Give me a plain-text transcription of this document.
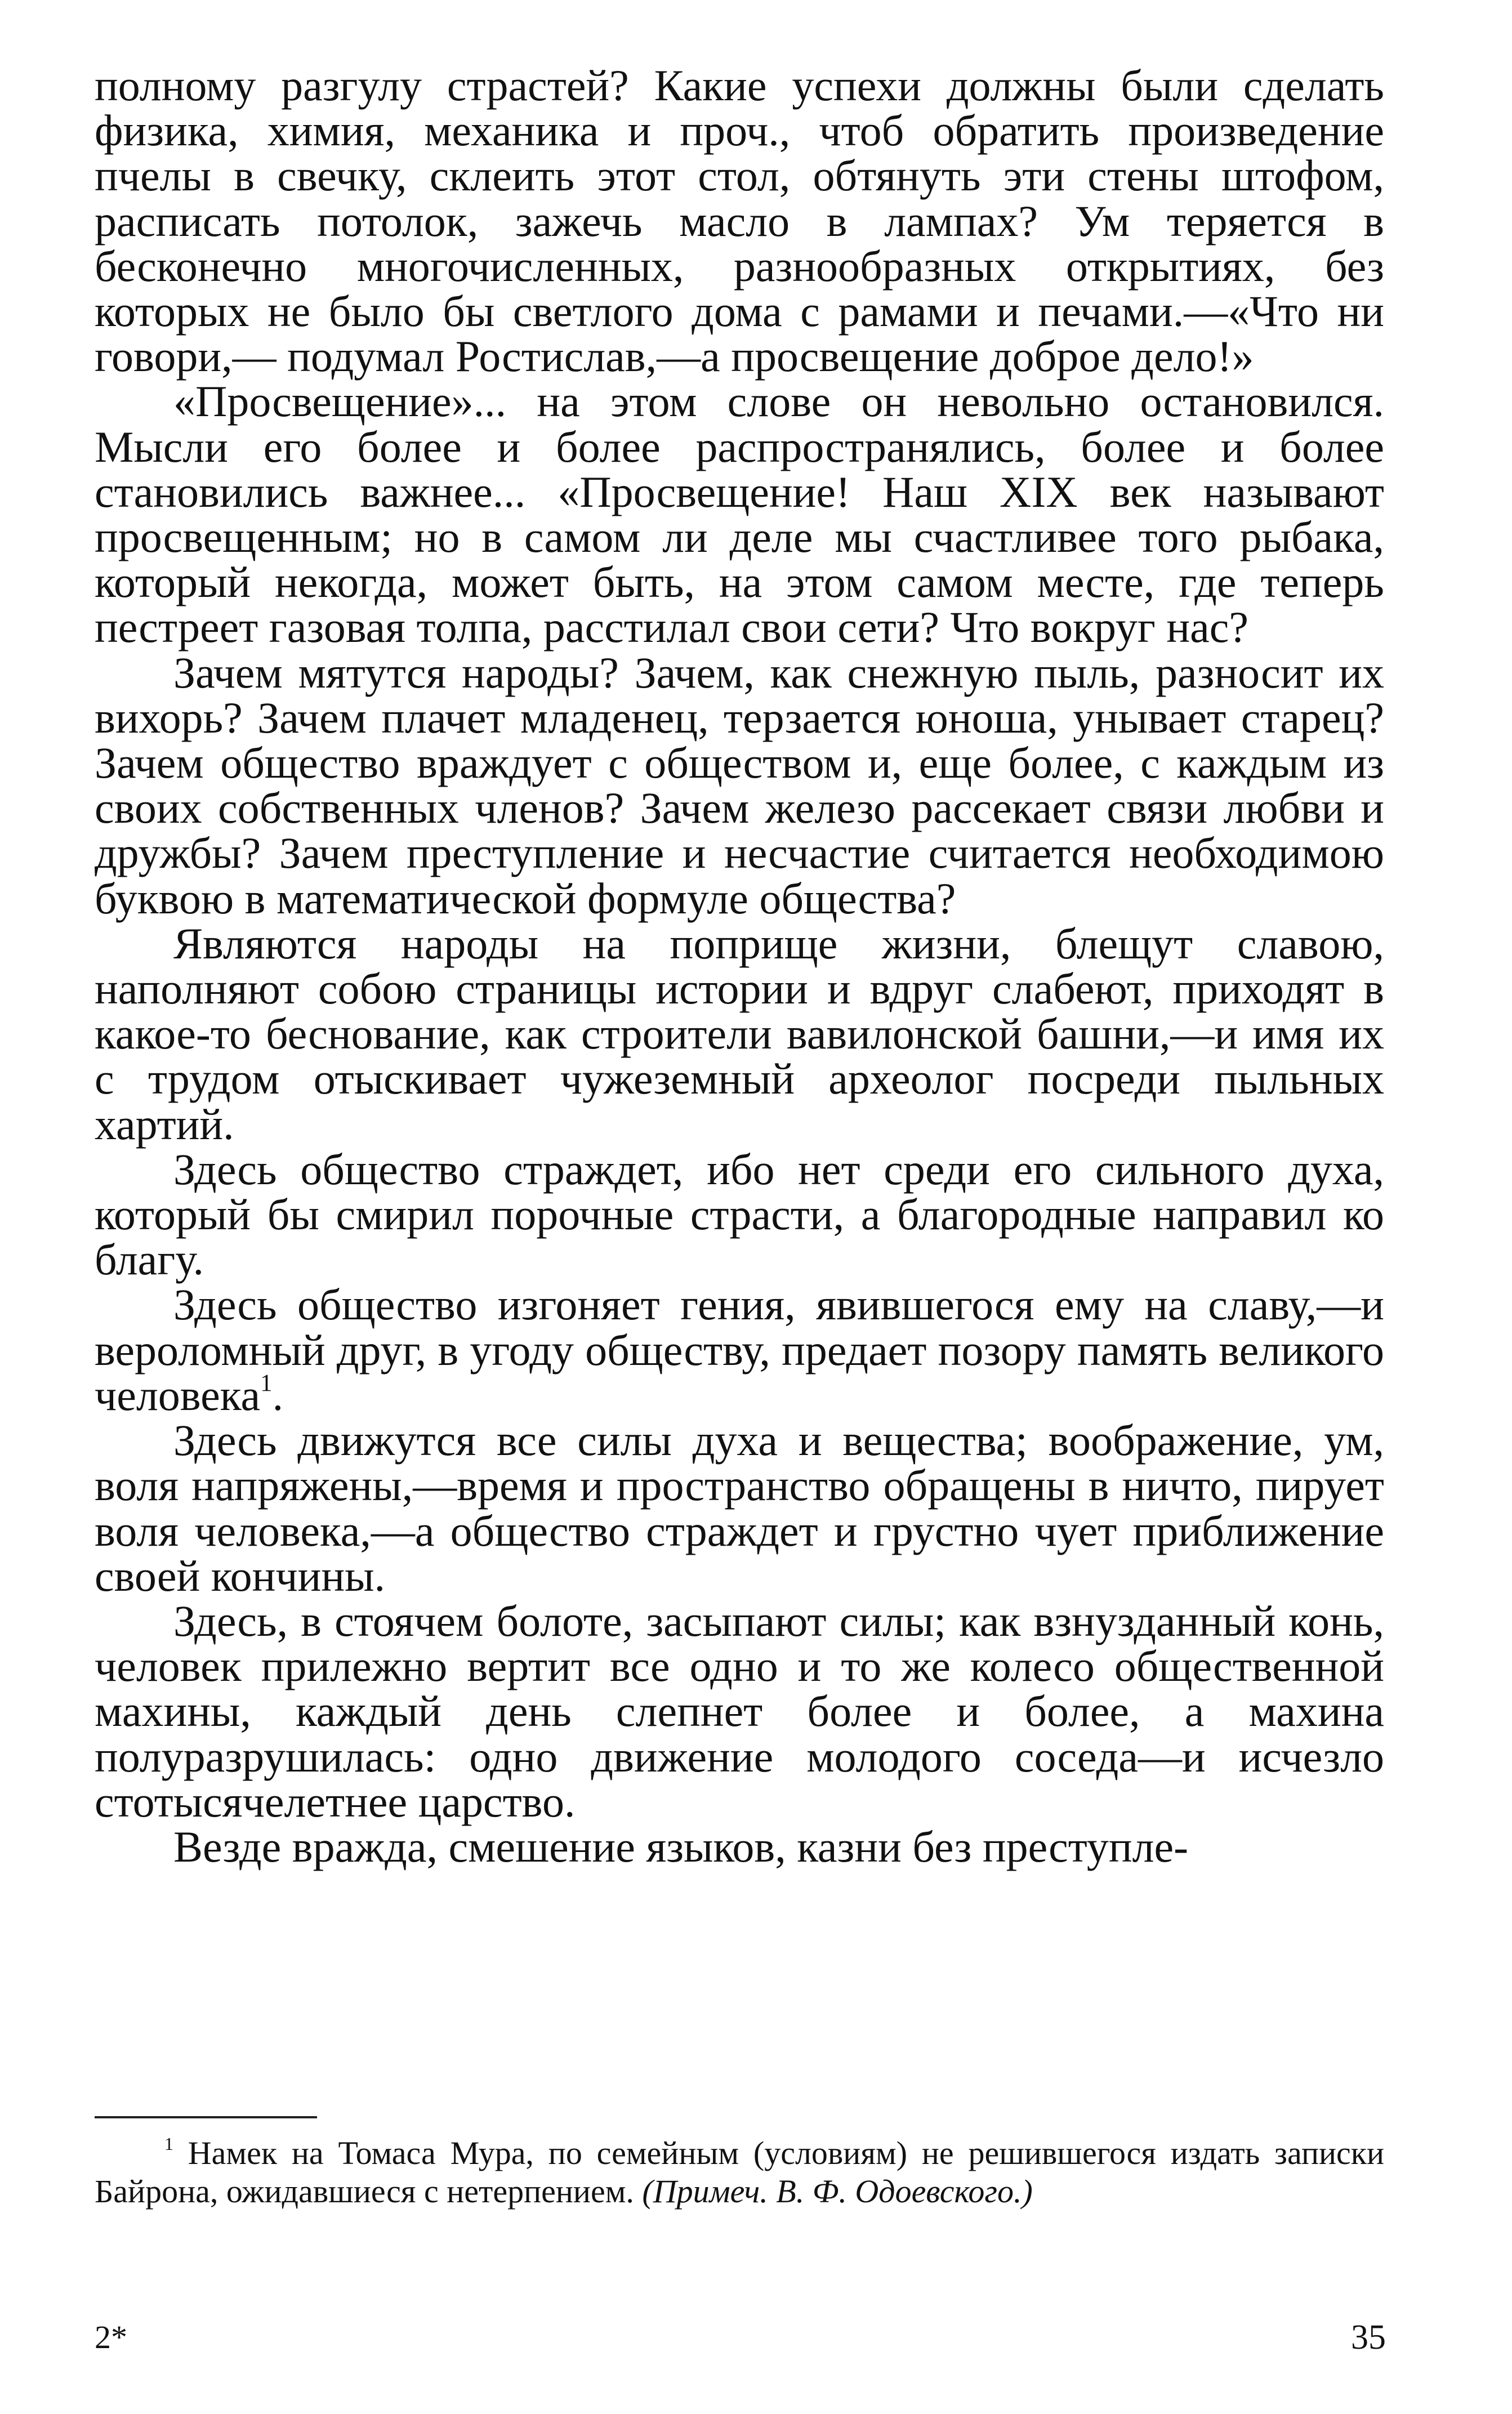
полному разгулу страстей? Какие успехи должны были сделать физика, химия, механика и проч., чтоб обратить произведение пчелы в свечку, склеить этот стол, обтянуть эти стены штофом, расписать потолок, зажечь масло в лампах? Ум теряется в бесконечно многочисленных, разнообразных открытиях, без которых не было бы светлого дома с рамами и печами.—«Что ни говори,— подумал Ростислав,—а просвещение доброе дело!»

«Просвещение»... на этом слове он невольно остановился. Мысли его более и более распространялись, более и более становились важнее... «Просвещение! Наш XIX век называют просвещенным; но в самом ли деле мы счастливее того рыбака, который некогда, может быть, на этом самом месте, где теперь пестреет газовая толпа, расстилал свои сети? Что вокруг нас?

Зачем мятутся народы? Зачем, как снежную пыль, разносит их вихорь? Зачем плачет младенец, терзается юноша, унывает старец? Зачем общество враждует с обществом и, еще более, с каждым из своих собственных членов? Зачем железо рассекает связи любви и дружбы? Зачем преступление и несчастие считается необходимою буквою в математической формуле общества?

Являются народы на поприще жизни, блещут славою, наполняют собою страницы истории и вдруг слабеют, приходят в какое-то беснование, как строители вавилонской башни,—и имя их с трудом отыскивает чужеземный археолог посреди пыльных хартий.

Здесь общество страждет, ибо нет среди его сильного духа, который бы смирил порочные страсти, а благородные направил ко благу.

Здесь общество изгоняет гения, явившегося ему на славу,—и вероломный друг, в угоду обществу, предает позору память великого человека$^1$.

Здесь движутся все силы духа и вещества; воображение, ум, воля напряжены,—время и пространство обращены в ничто, пирует воля человека,—а общество страждет и грустно чует приближение своей кончины.

Здесь, в стоячем болоте, засыпают силы; как взнузданный конь, человек прилежно вертит все одно и то же колесо общественной махины, каждый день слепнет более и более, а махина полуразрушилась: одно движение молодого соседа—и исчезло стотысячелетнее царство.

Везде вражда, смешение языков, казни без преступле-

$^1$ Намек на Томаса Мура, по семейным (условиям) не решившегося издать записки Байрона, ожидавшиеся с нетерпением. (Примеч. В. Ф. Одоевского.)
2*	35
